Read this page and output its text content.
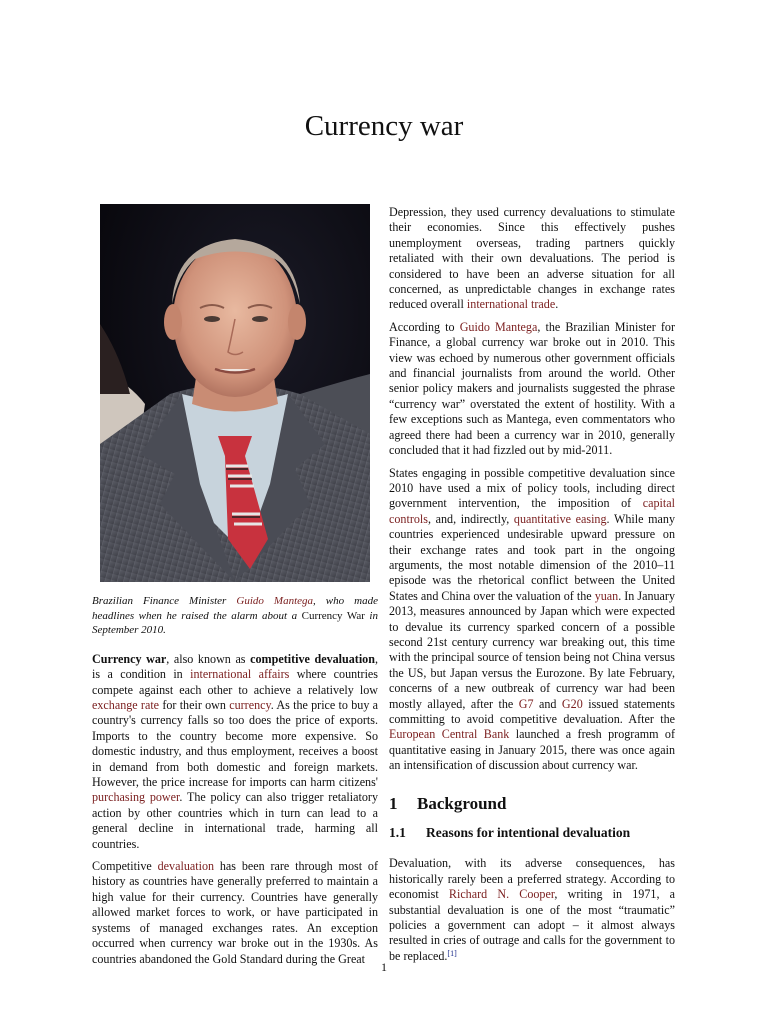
Currency war

Brazilian Finance Minister Guido Mantega, who made headlines when he raised the alarm about a Currency War in September 2010.

Currency war, also known as competitive devaluation, is a condition in international affairs where countries compete against each other to achieve a relatively low exchange rate for their own currency. As the price to buy a country's currency falls so too does the price of exports. Imports to the country become more expensive. So domestic industry, and thus employment, receives a boost in demand from both domestic and foreign markets. However, the price increase for imports can harm citizens' purchasing power. The policy can also trigger retaliatory action by other countries which in turn can lead to a general decline in international trade, harming all countries.

Competitive devaluation has been rare through most of history as countries have generally preferred to maintain a high value for their currency. Countries have generally allowed market forces to work, or have participated in systems of managed exchanges rates. An exception occurred when currency war broke out in the 1930s. As countries abandoned the Gold Standard during the Great

Depression, they used currency devaluations to stimulate their economies. Since this effectively pushes unemployment overseas, trading partners quickly retaliated with their own devaluations. The period is considered to have been an adverse situation for all concerned, as unpredictable changes in exchange rates reduced overall international trade.

According to Guido Mantega, the Brazilian Minister for Finance, a global currency war broke out in 2010. This view was echoed by numerous other government officials and financial journalists from around the world. Other senior policy makers and journalists suggested the phrase “currency war” overstated the extent of hostility. With a few exceptions such as Mantega, even commentators who agreed there had been a currency war in 2010, generally concluded that it had fizzled out by mid-2011.

States engaging in possible competitive devaluation since 2010 have used a mix of policy tools, including direct government intervention, the imposition of capital controls, and, indirectly, quantitative easing. While many countries experienced undesirable upward pressure on their exchange rates and took part in the ongoing arguments, the most notable dimension of the 2010–11 episode was the rhetorical conflict between the United States and China over the valuation of the yuan. In January 2013, measures announced by Japan which were expected to devalue its currency sparked concern of a possible second 21st century currency war breaking out, this time with the principal source of tension being not China versus the US, but Japan versus the Eurozone. By late February, concerns of a new outbreak of currency war had been mostly allayed, after the G7 and G20 issued statements committing to avoid competitive devaluation. After the European Central Bank launched a fresh programm of quantitative easing in January 2015, there was once again an intensification of discussion about currency war.

1 Background
1.1 Reasons for intentional devaluation

Devaluation, with its adverse consequences, has historically rarely been a preferred strategy. According to economist Richard N. Cooper, writing in 1971, a substantial devaluation is one of the most “traumatic” policies a government can adopt – it almost always resulted in cries of outrage and calls for the government to be replaced.[1]

1
